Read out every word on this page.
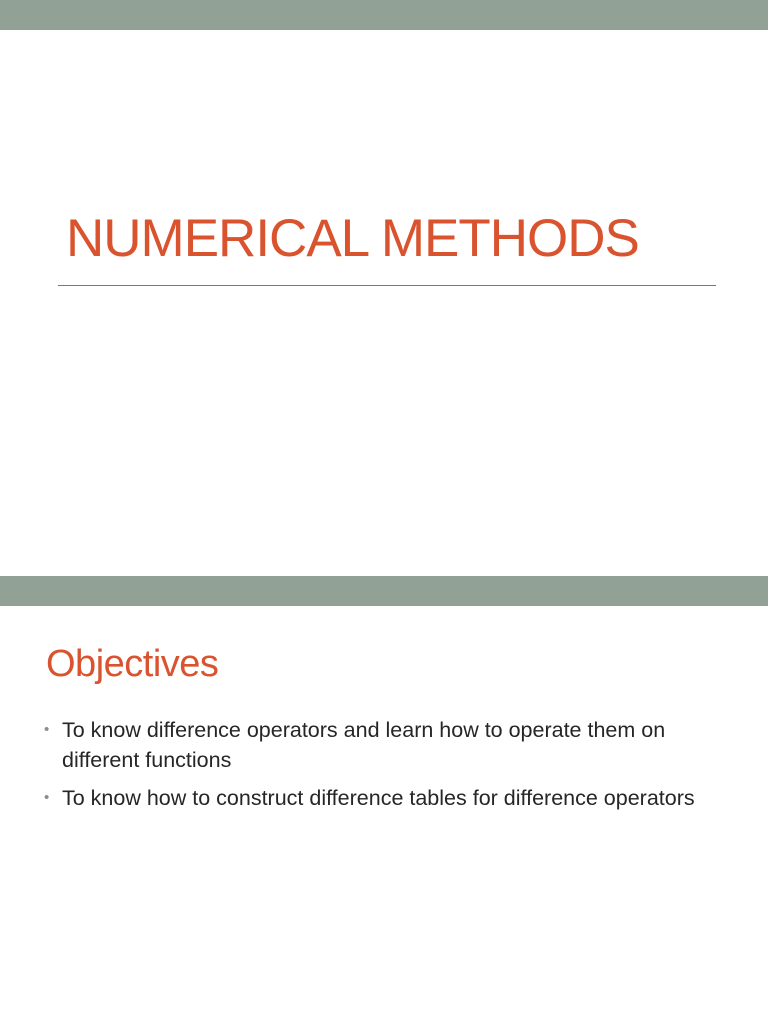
NUMERICAL METHODS
Objectives
• To know difference operators and learn how to operate them on different functions
• To know how to construct difference tables for difference operators
